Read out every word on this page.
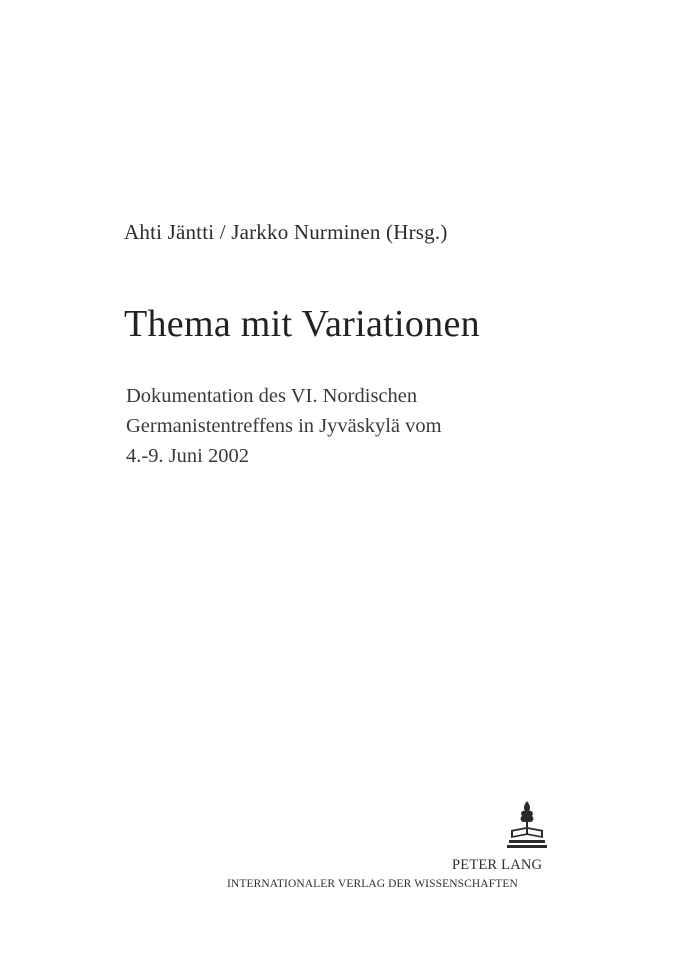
Ahti Jäntti / Jarkko Nurminen (Hrsg.)
Thema mit Variationen
Dokumentation des VI. Nordischen
Germanistentreffens in Jyväskylä vom
4.-9. Juni 2002
PETER LANG
INTERNATIONALER VERLAG DER WISSENSCHAFTEN
